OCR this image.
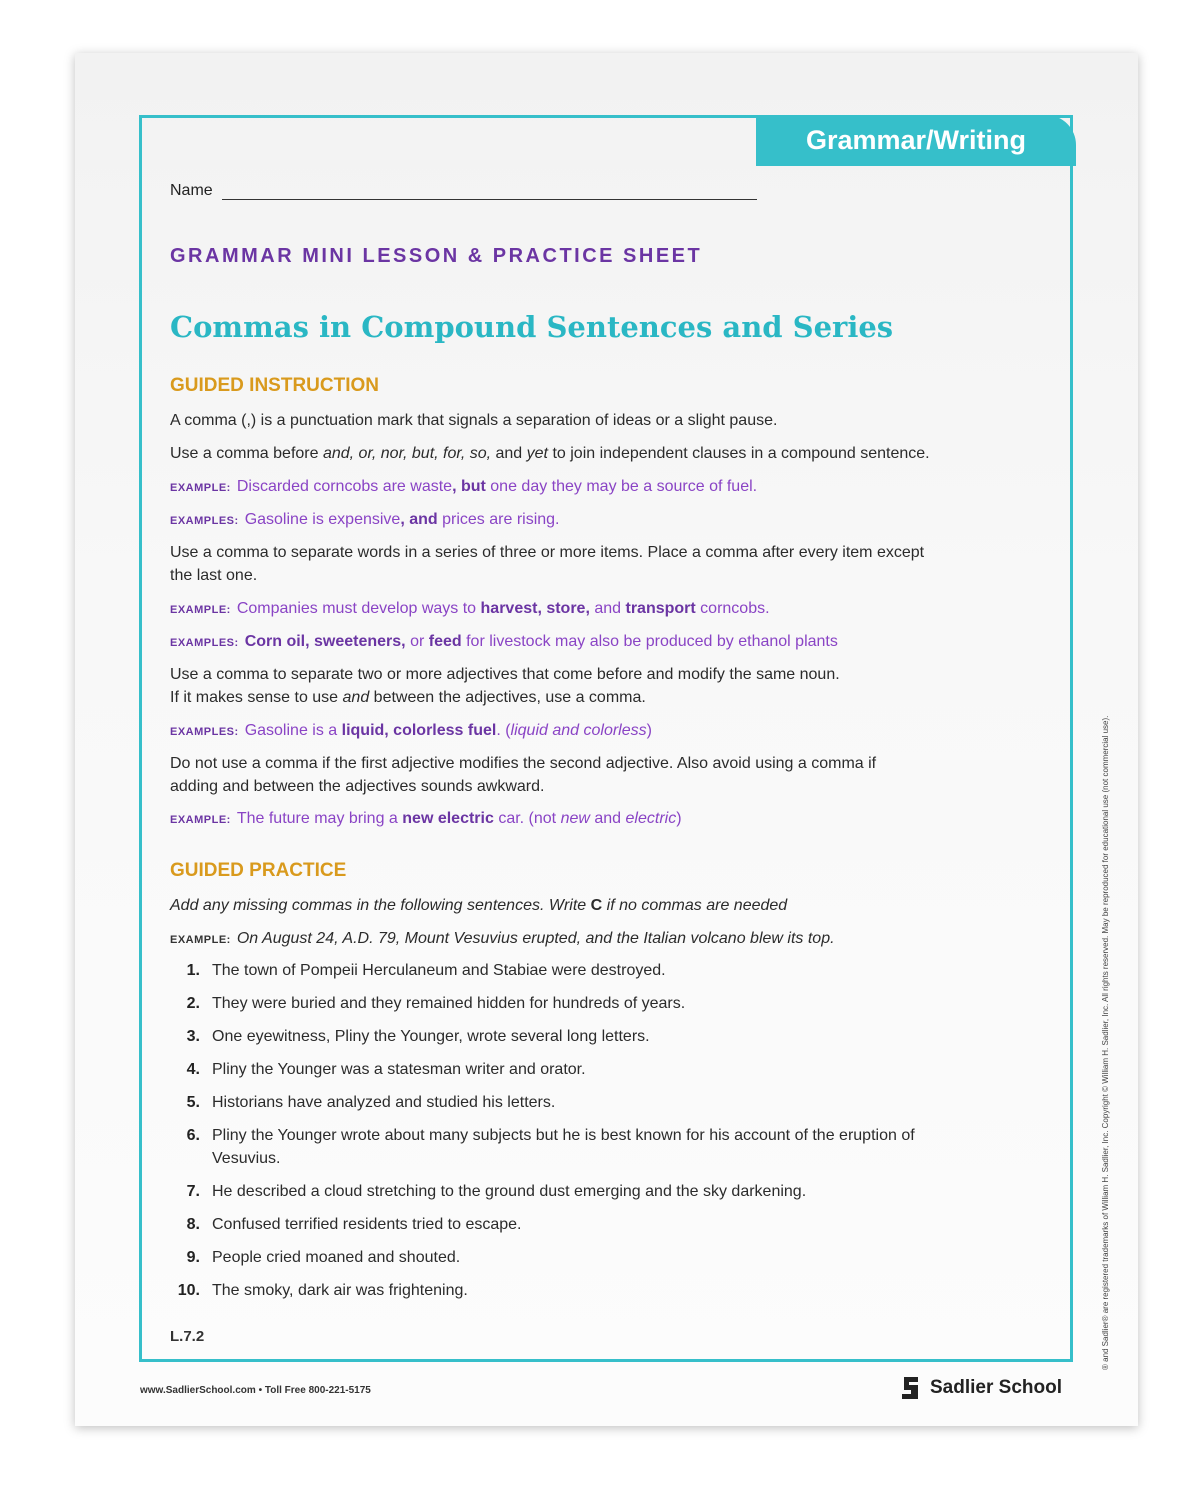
Grammar/Writing
Name
GRAMMAR MINI LESSON & PRACTICE SHEET
Commas in Compound Sentences and Series
GUIDED INSTRUCTION
A comma (,) is a punctuation mark that signals a separation of ideas or a slight pause.
Use a comma before and, or, nor, but, for, so, and yet to join independent clauses in a compound sentence.
EXAMPLE: Discarded corncobs are waste, but one day they may be a source of fuel.
EXAMPLES: Gasoline is expensive, and prices are rising.
Use a comma to separate words in a series of three or more items. Place a comma after every item except
the last one.
EXAMPLE: Companies must develop ways to harvest, store, and transport corncobs.
EXAMPLES: Corn oil, sweeteners, or feed for livestock may also be produced by ethanol plants
Use a comma to separate two or more adjectives that come before and modify the same noun.
If it makes sense to use and between the adjectives, use a comma.
EXAMPLES: Gasoline is a liquid, colorless fuel. (liquid and colorless)
Do not use a comma if the first adjective modifies the second adjective. Also avoid using a comma if
adding and between the adjectives sounds awkward.
EXAMPLE: The future may bring a new electric car. (not new and electric)
GUIDED PRACTICE
Add any missing commas in the following sentences. Write C if no commas are needed
EXAMPLE: On August 24, A.D. 79, Mount Vesuvius erupted, and the Italian volcano blew its top.
1. The town of Pompeii Herculaneum and Stabiae were destroyed.
2. They were buried and they remained hidden for hundreds of years.
3. One eyewitness, Pliny the Younger, wrote several long letters.
4. Pliny the Younger was a statesman writer and orator.
5. Historians have analyzed and studied his letters.
6. Pliny the Younger wrote about many subjects but he is best known for his account of the eruption of Vesuvius.
7. He described a cloud stretching to the ground dust emerging and the sky darkening.
8. Confused terrified residents tried to escape.
9. People cried moaned and shouted.
10. The smoky, dark air was frightening.
L.7.2
www.SadlierSchool.com • Toll Free 800-221-5175	Sadlier School
® and Sadlier® are registered trademarks of William H. Sadlier, Inc. Copyright © William H. Sadlier, Inc. All rights reserved. May be reproduced for educational use (not commercial use).
